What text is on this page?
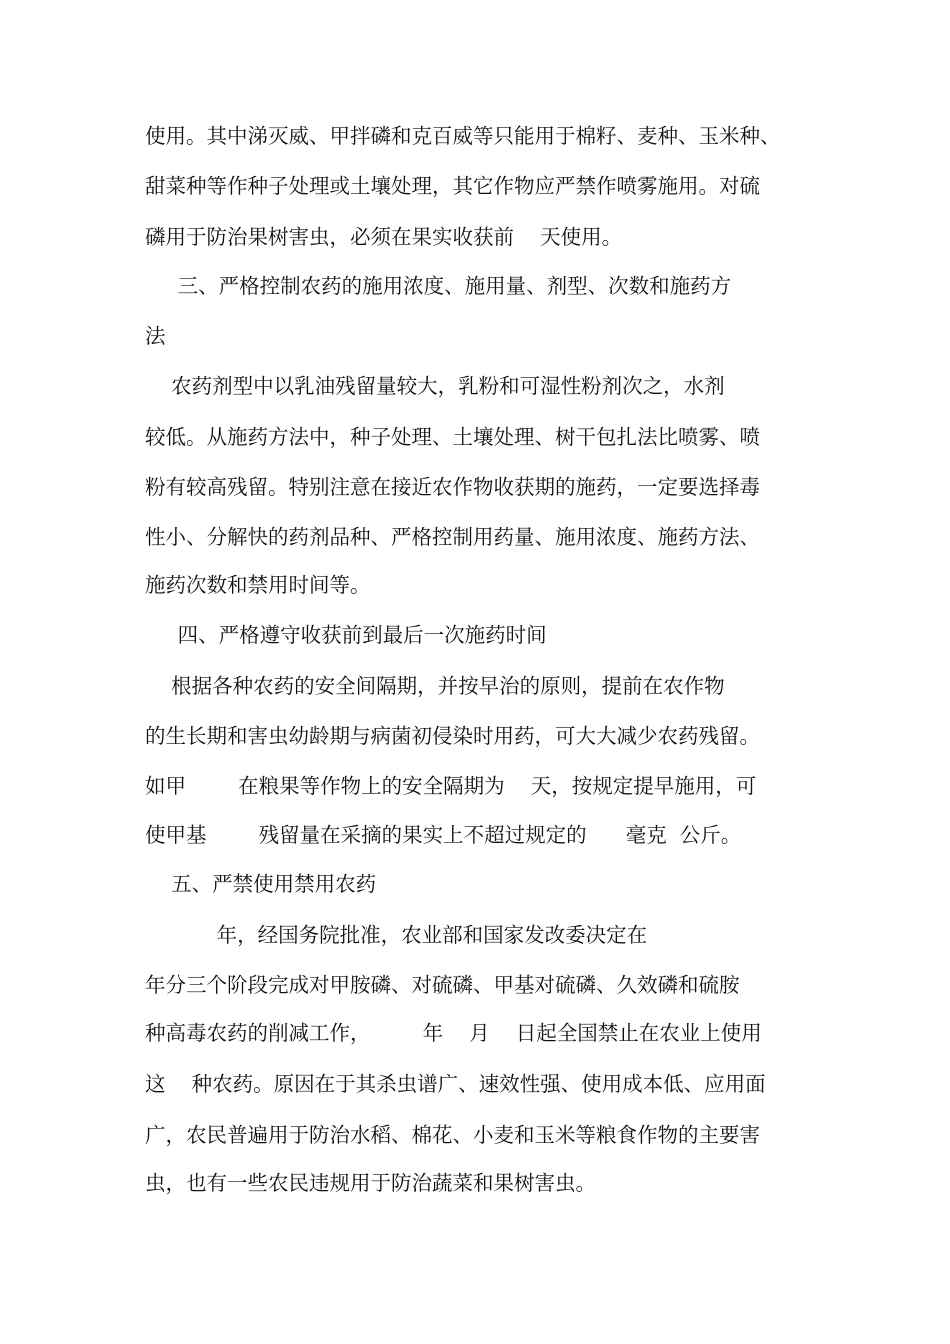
使用。其中涕灭威、甲拌磷和克百威等只能用于棉籽、麦种、玉米种、
甜菜种等作种子处理或土壤处理，其它作物应严禁作喷雾施用。对硫
磷用于防治果树害虫，必须在果实收获前    天使用。
三、严格控制农药的施用浓度、施用量、剂型、次数和施药方
法
农药剂型中以乳油残留量较大，乳粉和可湿性粉剂次之，水剂
较低。从施药方法中，种子处理、土壤处理、树干包扎法比喷雾、喷
粉有较高残留。特别注意在接近农作物收获期的施药，一定要选择毒
性小、分解快的药剂品种、严格控制用药量、施用浓度、施药方法、
施药次数和禁用时间等。
四、严格遵守收获前到最后一次施药时间
根据各种农药的安全间隔期，并按早治的原则，提前在农作物
的生长期和害虫幼龄期与病菌初侵染时用药，可大大减少农药残留。
如甲        在粮果等作物上的安全隔期为    天，按规定提早施用，可
使甲基        残留量在采摘的果实上不超过规定的      毫克  公斤。
五、严禁使用禁用农药
年，经国务院批准，农业部和国家发改委决定在
年分三个阶段完成对甲胺磷、对硫磷、甲基对硫磷、久效磷和硫胺
种高毒农药的削减工作，        年    月    日起全国禁止在农业上使用
这    种农药。原因在于其杀虫谱广、速效性强、使用成本低、应用面
广，农民普遍用于防治水稻、棉花、小麦和玉米等粮食作物的主要害
虫，也有一些农民违规用于防治蔬菜和果树害虫。
